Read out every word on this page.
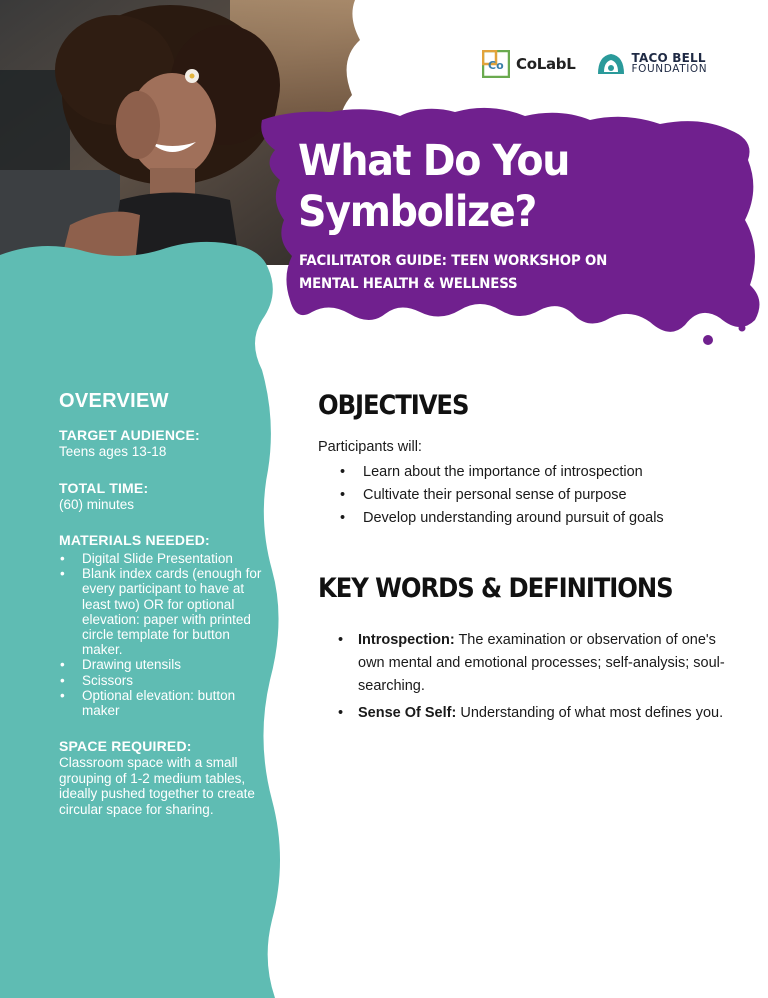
Co CoLabL	TACO BELL
FOUNDATION
What Do You Symbolize?
FACILITATOR GUIDE: TEEN WORKSHOP ON MENTAL HEALTH & WELLNESS
OVERVIEW
TARGET AUDIENCE:
Teens ages 13-18
TOTAL TIME:
(60) minutes
MATERIALS NEEDED:
• Digital Slide Presentation
• Blank index cards (enough for every participant to have at least two) OR for optional elevation: paper with printed circle template for button maker.
• Drawing utensils
• Scissors
• Optional elevation: button maker
SPACE REQUIRED:
Classroom space with a small grouping of 1-2 medium tables, ideally pushed together to create circular space for sharing.
OBJECTIVES

Participants will:

• Learn about the importance of introspection
• Cultivate their personal sense of purpose
• Develop understanding around pursuit of goals
KEY WORDS & DEFINITIONS
• Introspection: The examination or observation of one's own mental and emotional processes; self-analysis; soul-searching.
• Sense Of Self: Understanding of what most defines you.
